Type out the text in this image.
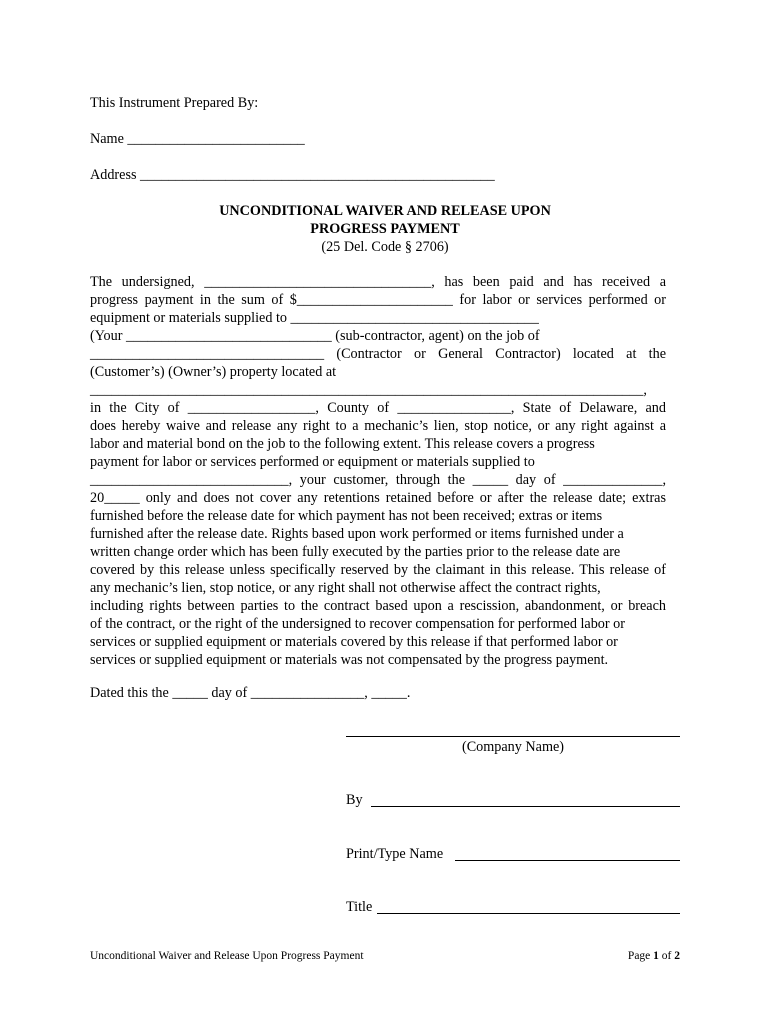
This Instrument Prepared By:
Name _________________________
Address __________________________________________________
UNCONDITIONAL WAIVER AND RELEASE UPON
PROGRESS PAYMENT
(25 Del. Code § 2706)
The undersigned, ________________________________, has been paid and has received a
progress payment in the sum of $______________________ for labor or services performed or
equipment or materials supplied to ___________________________________
(Your _____________________________ (sub-contractor, agent) on the job of
_________________________________ (Contractor or General Contractor) located at the
(Customer’s) (Owner’s) property located at
______________________________________________________________________________,
in the City of __________________, County of ________________, State of Delaware, and
does hereby waive and release any right to a mechanic’s lien, stop notice, or any right against a
labor and material bond on the job to the following extent. This release covers a progress
payment for labor or services performed or equipment or materials supplied to
____________________________, your customer, through the _____ day of ______________,
20_____ only and does not cover any retentions retained before or after the release date; extras
furnished before the release date for which payment has not been received; extras or items
furnished after the release date. Rights based upon work performed or items furnished under a
written change order which has been fully executed by the parties prior to the release date are
covered by this release unless specifically reserved by the claimant in this release. This release of
any mechanic’s lien, stop notice, or any right shall not otherwise affect the contract rights,
including rights between parties to the contract based upon a rescission, abandonment, or breach
of the contract, or the right of the undersigned to recover compensation for performed labor or
services or supplied equipment or materials covered by this release if that performed labor or
services or supplied equipment or materials was not compensated by the progress payment.
Dated this the _____ day of ________________, _____.
(Company Name)
By
Print/Type Name
Title
Unconditional Waiver and Release Upon Progress Payment	Page 1 of 2
